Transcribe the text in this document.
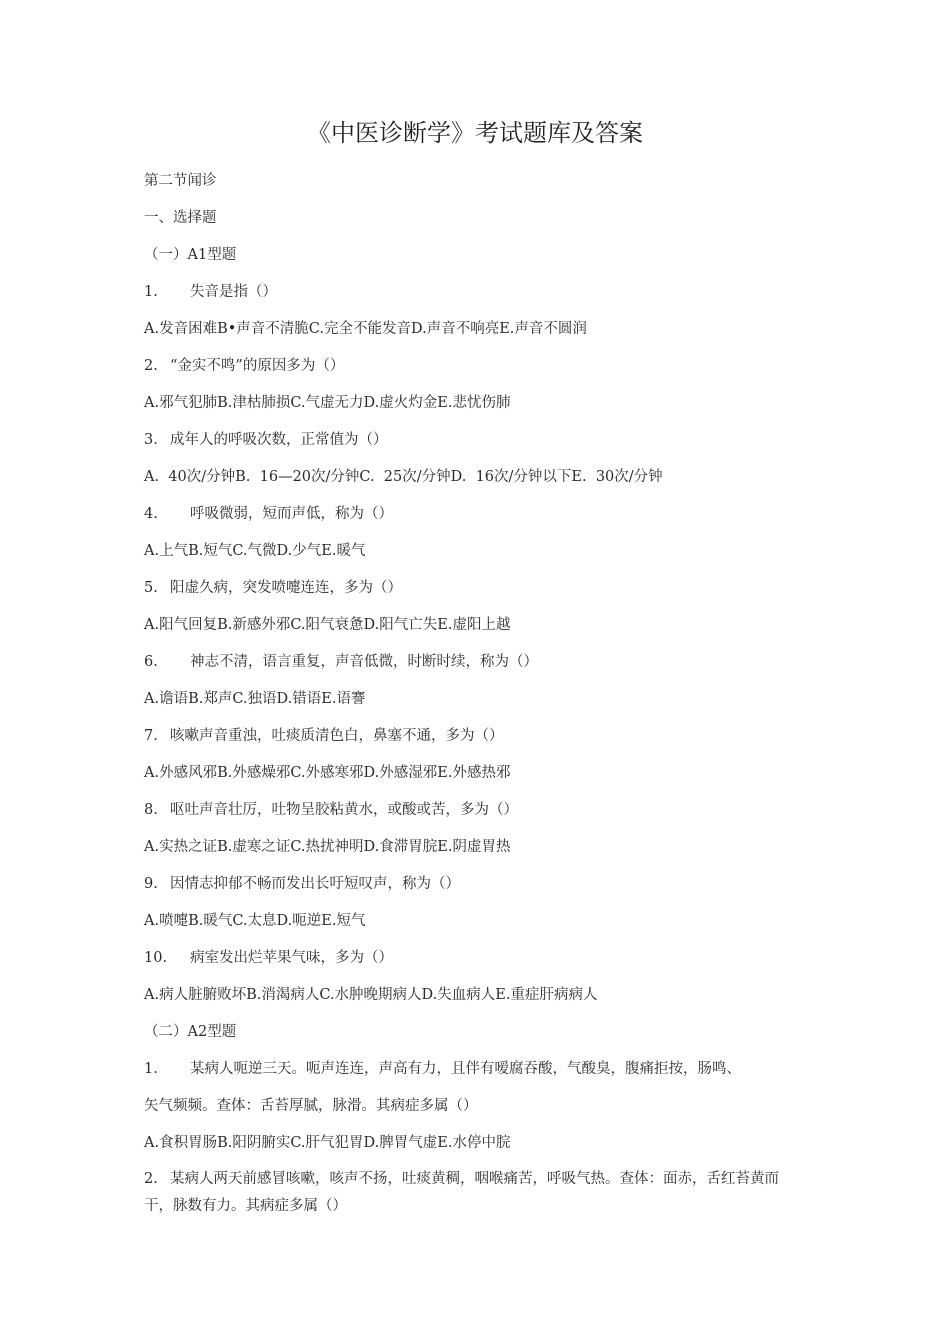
《中医诊断学》考试题库及答案
第二节闻诊
一、选择题
（一）A1型题
1. 失音是指（）
A.发音困难B•声音不清脆C.完全不能发音D.声音不响亮E.声音不圆润
2. “金实不鸣”的原因多为（）
A.邪气犯肺B.津枯肺损C.气虚无力D.虚火灼金E.悲忧伤肺
3. 成年人的呼吸次数，正常值为（）
A.  40次/分钟B.  16—20次/分钟C.  25次/分钟D.  16次/分钟以下E.  30次/分钟
4. 呼吸微弱，短而声低，称为（）
A.上气B.短气C.气微D.少气E.暖气
5. 阳虚久病，突发喷嚏连连，多为（）
A.阳气回复B.新感外邪C.阳气衰惫D.阳气亡失E.虚阳上越
6. 神志不清，语言重复，声音低微，时断时续，称为（）
A.谵语B.郑声C.独语D.错语E.语謇
7. 咳嗽声音重浊，吐痰质清色白，鼻塞不通，多为（）
A.外感风邪B.外感燥邪C.外感寒邪D.外感湿邪E.外感热邪
8. 呕吐声音壮厉，吐物呈胶粘黄水，或酸或苦，多为（）
A.实热之证B.虚寒之证C.热扰神明D.食滞胃脘E.阴虚胃热
9. 因情志抑郁不畅而发出长吁短叹声，称为（）
A.喷嚏B.暖气C.太息D.呃逆E.短气
10. 病室发出烂苹果气味，多为（）
A.病人脏腑败坏B.消渴病人C.水肿晚期病人D.失血病人E.重症肝病病人
（二）A2型题
1. 某病人呃逆三天。呃声连连，声高有力，且伴有嗳腐吞酸，气酸臭，腹痛拒按，肠鸣、
矢气频频。查体：舌苔厚腻，脉滑。其病症多属（）
A.食积胃肠B.阳阴腑实C.肝气犯胃D.脾胃气虚E.水停中脘
2. 某病人两天前感冒咳嗽，咳声不扬，吐痰黄稠，咽喉痛苦，呼吸气热。查体：面赤，舌红苔黄而干，脉数有力。其病症多属（）
